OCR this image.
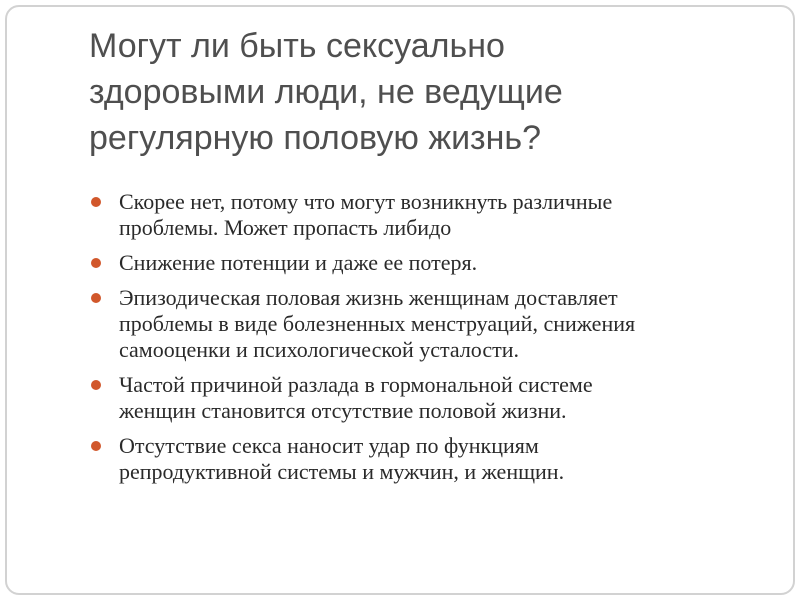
Могут ли быть сексуально
здоровыми люди, не ведущие
регулярную половую жизнь?
Скорее нет, потому что могут возникнуть различные
проблемы. Может пропасть либидо
Снижение потенции и даже ее потеря.
Эпизодическая половая жизнь женщинам доставляет
проблемы в виде болезненных менструаций, снижения
самооценки и психологической усталости.
Частой причиной разлада в гормональной системе
женщин становится отсутствие половой жизни.
Отсутствие секса наносит удар по функциям
репродуктивной системы и мужчин, и женщин.
